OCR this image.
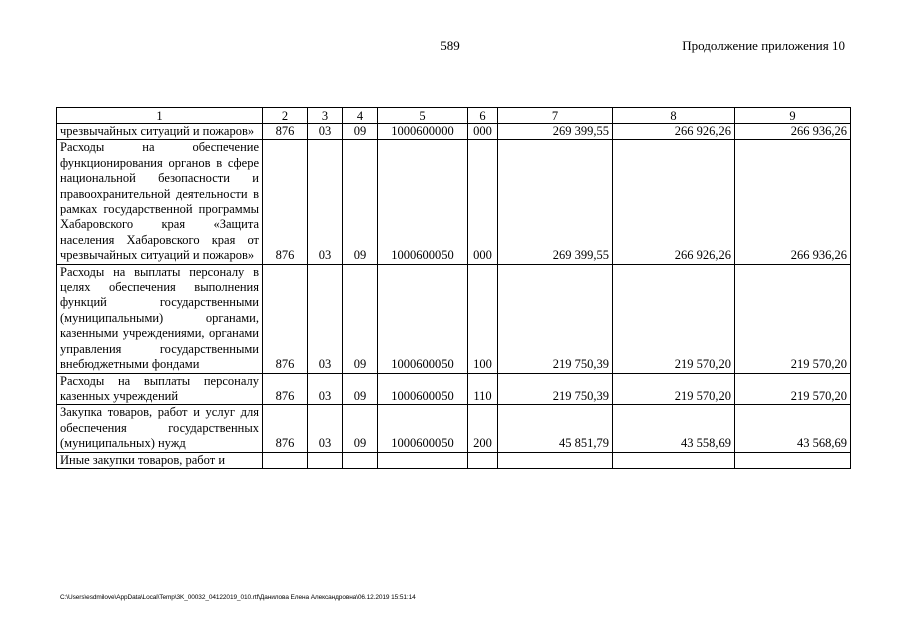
589	Продолжение приложения 10
1	2	3	4	5	6	7	8	9
чрезвычайных ситуаций и пожаров»	876	03	09	1000600000	000	269 399,55	266 926,26	266 936,26
Расходы на обеспечение функционирования органов в сфере национальной безопасности и правоохранительной деятельности в рамках государственной программы Хабаровского края «Защита населения Хабаровского края от чрезвычайных ситуаций и пожаров»	876	03	09	1000600050	000	269 399,55	266 926,26	266 936,26
Расходы на выплаты персоналу в целях обеспечения выполнения функций государственными (муниципальными) органами, казенными учреждениями, органами управления государственными внебюджетными фондами	876	03	09	1000600050	100	219 750,39	219 570,20	219 570,20
Расходы на выплаты персоналу казенных учреждений	876	03	09	1000600050	110	219 750,39	219 570,20	219 570,20
Закупка товаров, работ и услуг для обеспечения государственных (муниципальных) нужд	876	03	09	1000600050	200	45 851,79	43 558,69	43 568,69
Иные закупки товаров, работ и								
C:\Users\esdmilove\AppData\Local\Temp\3K_00032_04122019_010.rtf\Данилова Елена Александровна\06.12.2019 15:51:14
